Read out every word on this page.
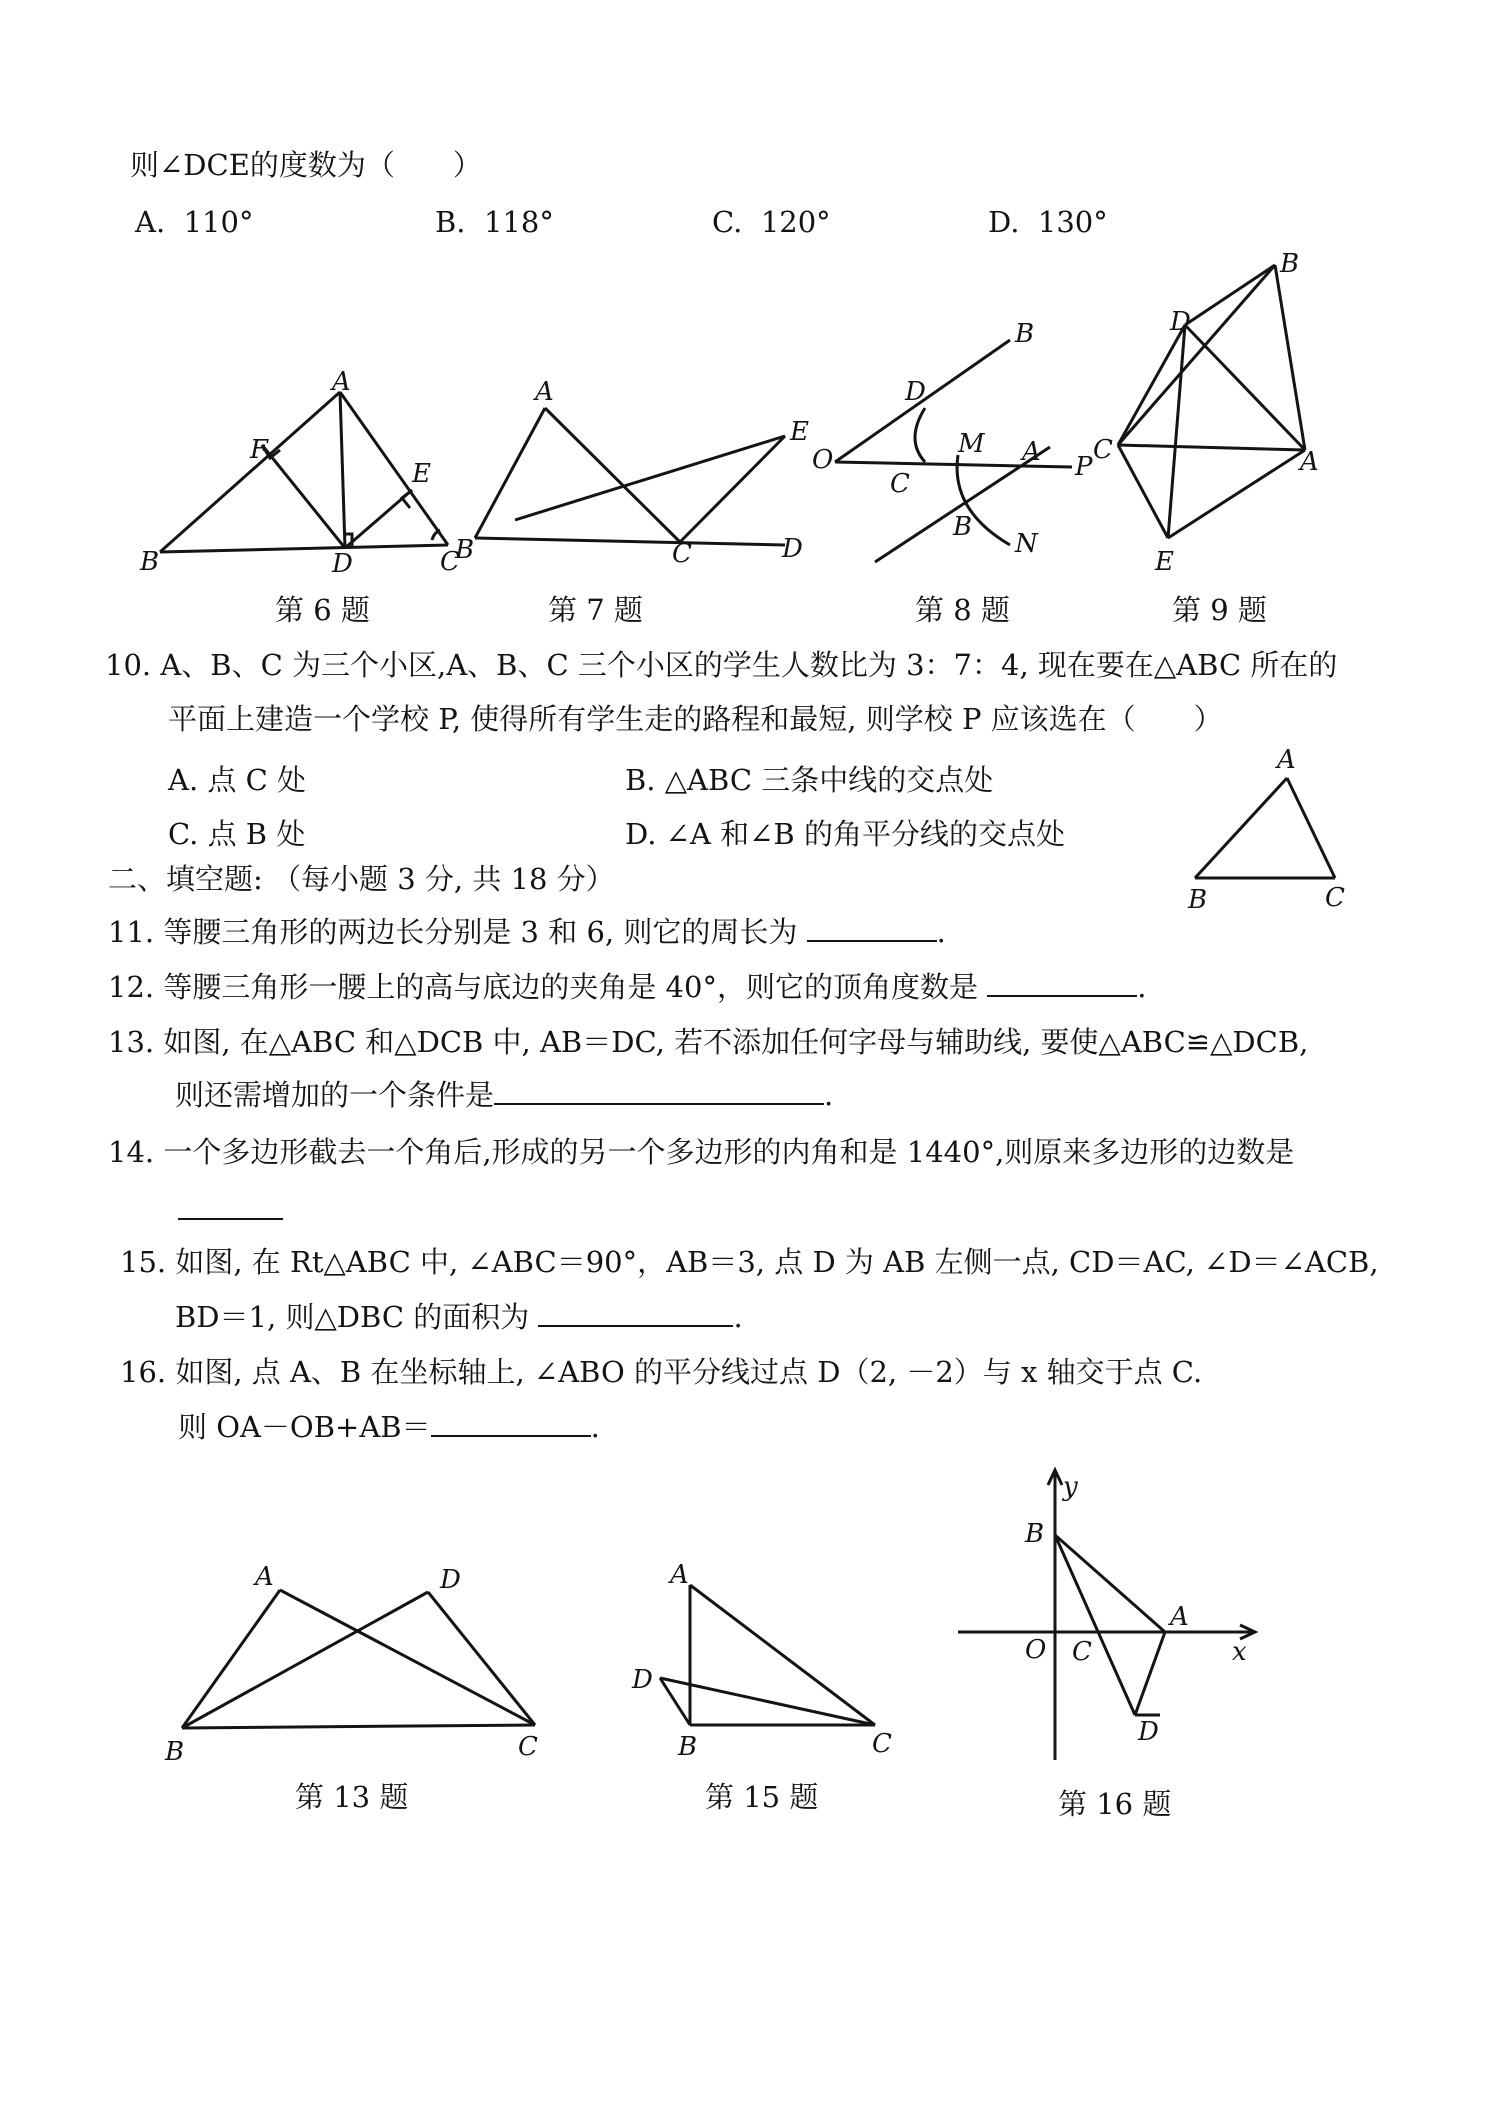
则∠DCE的度数为（　　）
A. 110°	B. 118°	C. 120°	D. 130°
A
F
E
B	D	C
A
E
B	C	D
B
D
O
M A P
C
B
N
B
D
C	A
E
A
B	C
A	D
B	C
A
D
B	C
y
B
O C
A
x
D
第 6 题	第 7 题	第 8 题	第 9 题
10. A、B、C 为三个小区,A、B、C 三个小区的学生人数比为 3：7：4, 现在要在△ABC 所在的
平面上建造一个学校 P, 使得所有学生走的路程和最短, 则学校 P 应该选在（　　）
A. 点 C 处	B. △ABC 三条中线的交点处
C. 点 B 处	D. ∠A 和∠B 的角平分线的交点处
二、填空题: （每小题 3 分, 共 18 分）
11. 等腰三角形的两边长分别是 3 和 6, 则它的周长为	.
12. 等腰三角形一腰上的高与底边的夹角是 40°，则它的顶角度数是	.
13. 如图, 在△ABC 和△DCB 中, AB＝DC, 若不添加任何字母与辅助线, 要使△ABC≌△DCB,
则还需增加的一个条件是	.
14. 一个多边形截去一个角后,形成的另一个多边形的内角和是 1440°,则原来多边形的边数是
15. 如图, 在 Rt△ABC 中, ∠ABC＝90°，AB＝3, 点 D 为 AB 左侧一点, CD＝AC, ∠D＝∠ACB,
BD＝1, 则△DBC 的面积为	.
16. 如图, 点 A、B 在坐标轴上, ∠ABO 的平分线过点 D（2, －2）与 x 轴交于点 C.
则 OA－OB+AB＝	.
第 13 题	第 15 题	第 16 题
